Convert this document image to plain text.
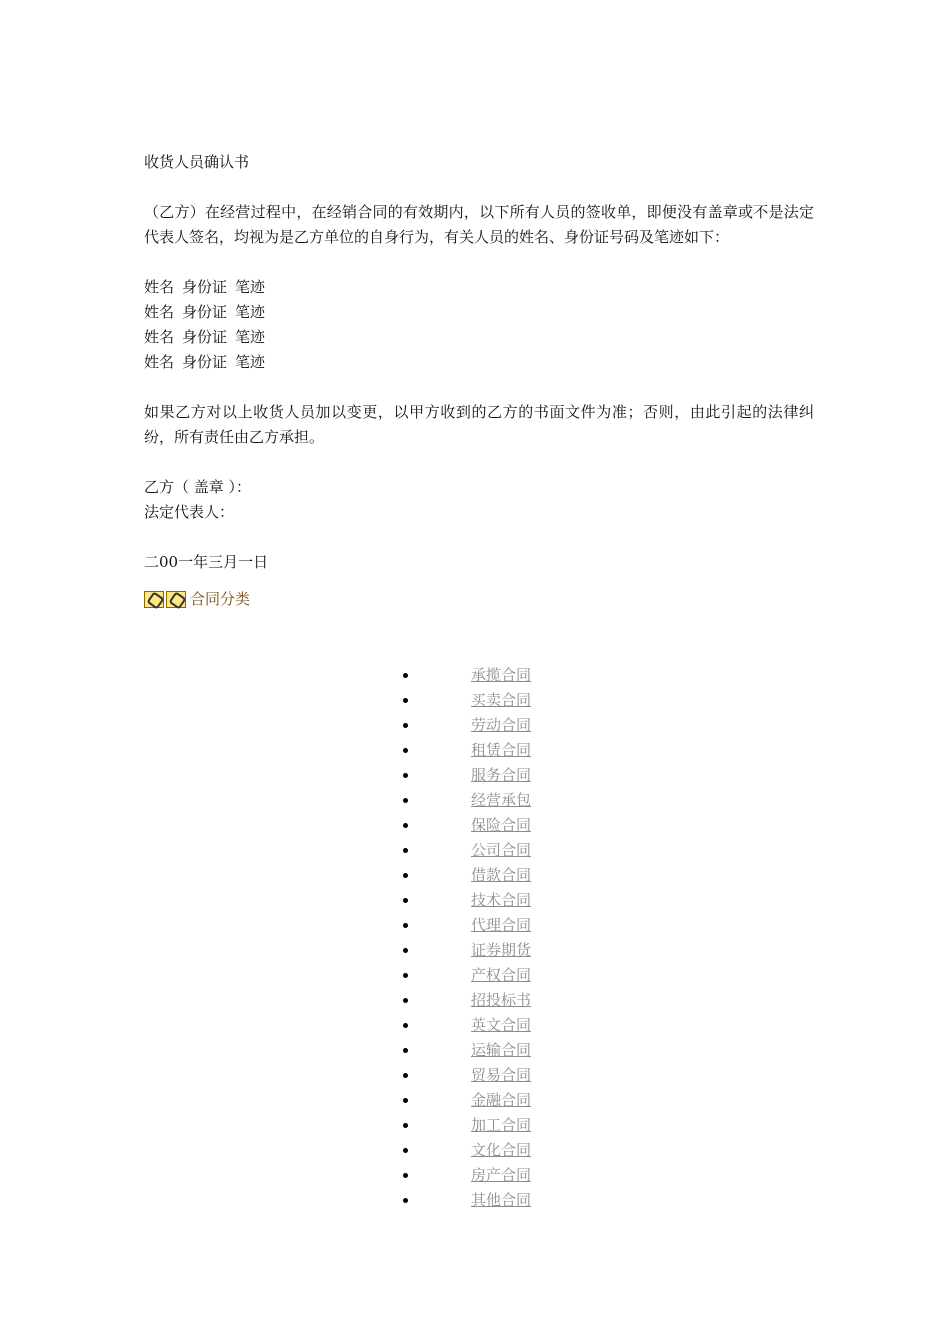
收货人员确认书

（乙方）在经营过程中，在经销合同的有效期内，以下所有人员的签收单，即便没有盖章或不是法定代表人签名，均视为是乙方单位的自身行为，有关人员的姓名、身份证号码及笔迹如下：

姓名 身份证 笔迹
姓名 身份证 笔迹
姓名 身份证 笔迹
姓名 身份证 笔迹

如果乙方对以上收货人员加以变更，以甲方收到的乙方的书面文件为准；否则，由此引起的法律纠纷，所有责任由乙方承担。

乙方（ 盖章 ）：

法定代表人：

二00一年三月一日

合同分类
承揽合同
买卖合同
劳动合同
租赁合同
服务合同
经营承包
保险合同
公司合同
借款合同
技术合同
代理合同
证券期货
产权合同
招投标书
英文合同
运输合同
贸易合同
金融合同
加工合同
文化合同
房产合同
其他合同
